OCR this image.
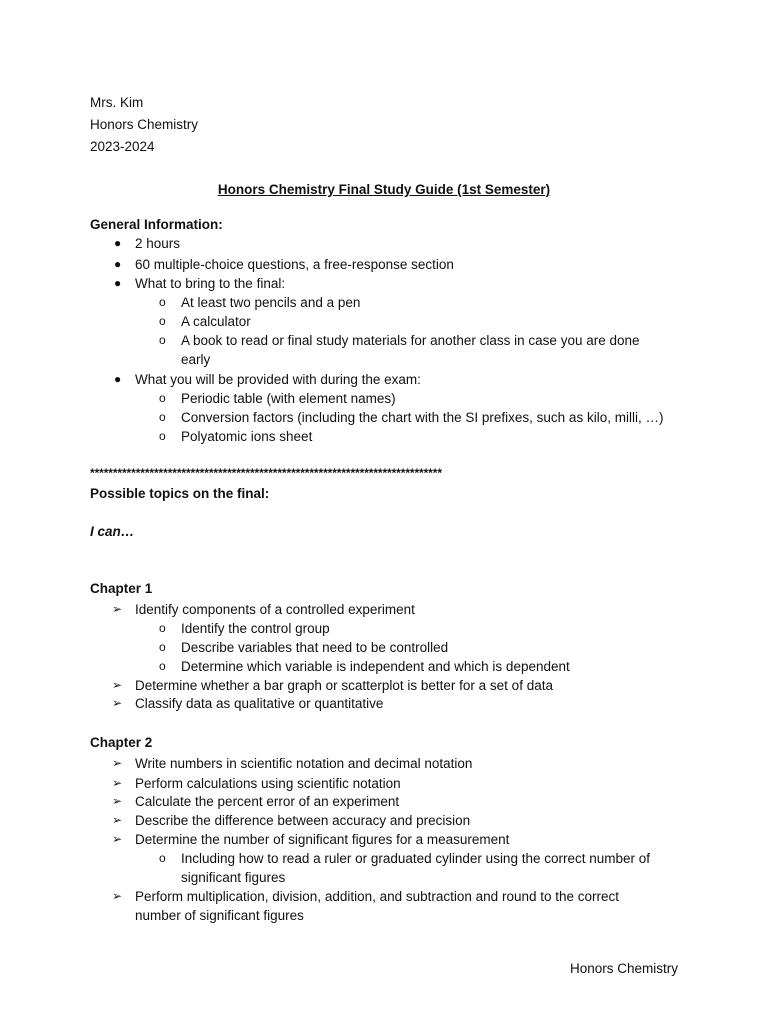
Mrs. Kim
Honors Chemistry
2023-2024
Honors Chemistry Final Study Guide (1st Semester)
General Information:
● 2 hours
● 60 multiple-choice questions, a free-response section
● What to bring to the final:
o At least two pencils and a pen
o A calculator
o A book to read or final study materials for another class in case you are done
early
● What you will be provided with during the exam:
o Periodic table (with element names)
o Conversion factors (including the chart with the SI prefixes, such as kilo, milli, …)
o Polyatomic ions sheet
*****************************************************************************
Possible topics on the final:
I can…
Chapter 1
➢ Identify components of a controlled experiment
o Identify the control group
o Describe variables that need to be controlled
o Determine which variable is independent and which is dependent
➢ Determine whether a bar graph or scatterplot is better for a set of data
➢ Classify data as qualitative or quantitative
Chapter 2
➢ Write numbers in scientific notation and decimal notation
➢ Perform calculations using scientific notation
➢ Calculate the percent error of an experiment
➢ Describe the difference between accuracy and precision
➢ Determine the number of significant figures for a measurement
o Including how to read a ruler or graduated cylinder using the correct number of
significant figures
➢ Perform multiplication, division, addition, and subtraction and round to the correct
number of significant figures
Honors Chemistry
